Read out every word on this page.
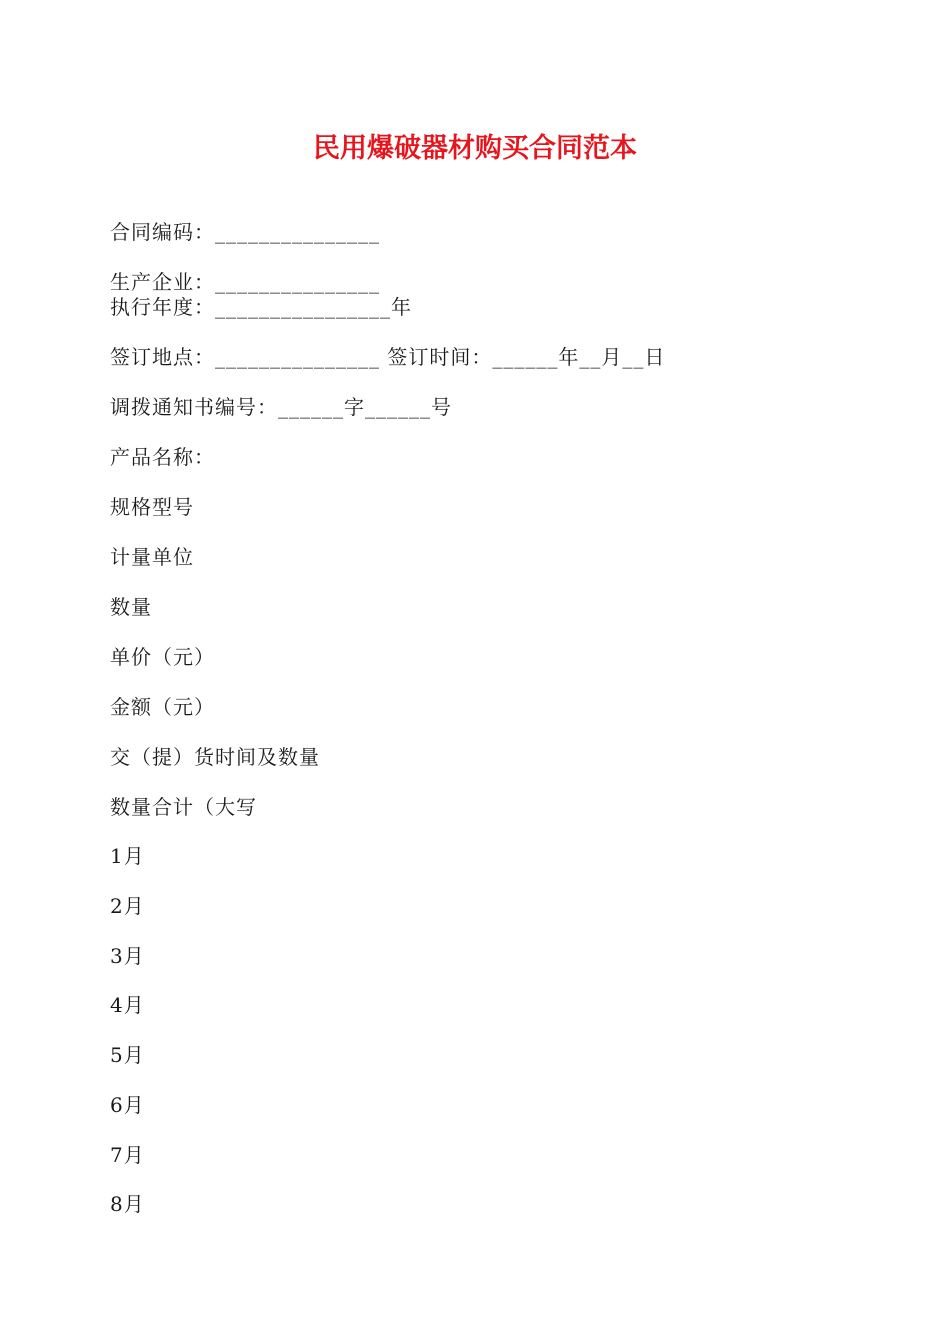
民用爆破器材购买合同范本
合同编码：_______________
生产企业：_______________
执行年度：________________年
签订地点：_______________ 签订时间：______年__月__日
调拨通知书编号：______字______号
产品名称：
规格型号
计量单位
数量
单价（元）
金额（元）
交（提）货时间及数量
数量合计（大写
1月
2月
3月
4月
5月
6月
7月
8月
